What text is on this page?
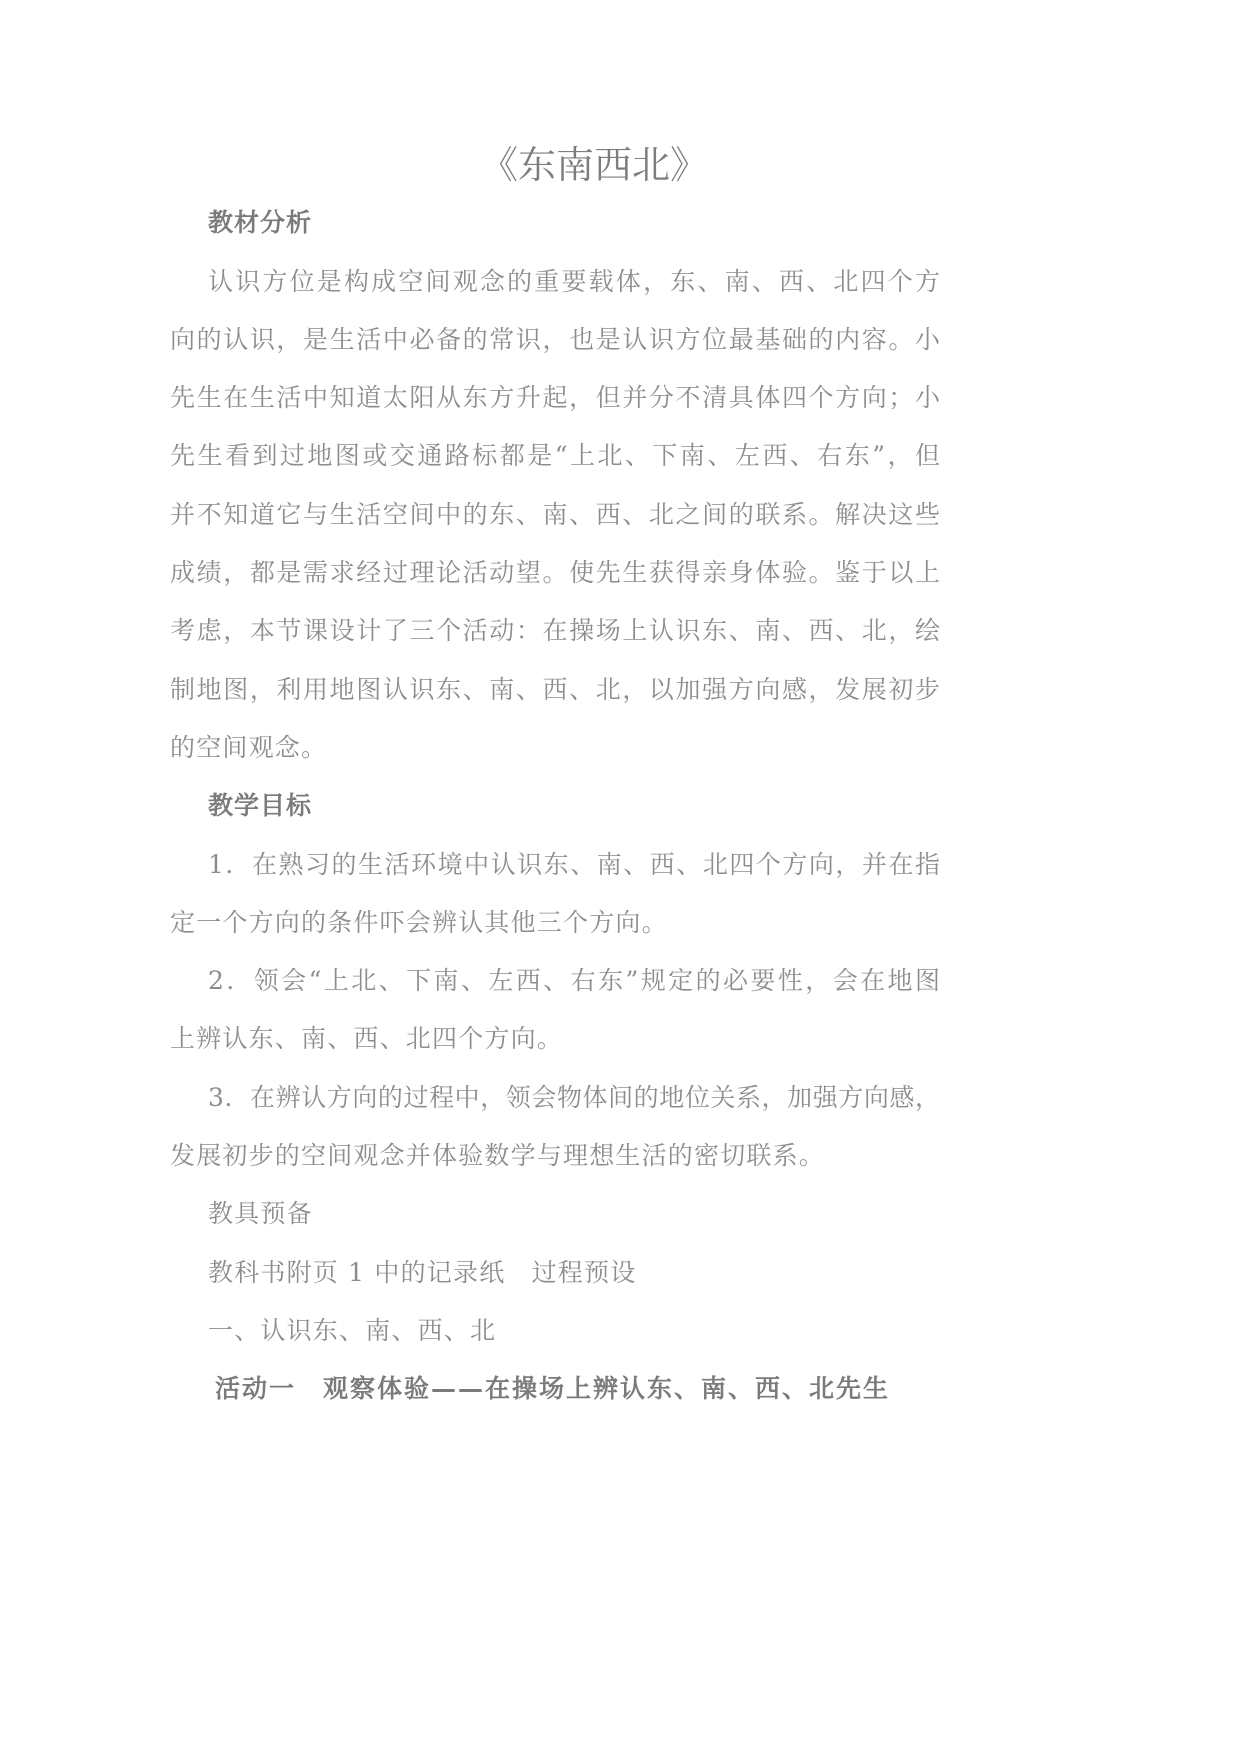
《东南西北》
教材分析
认识方位是构成空间观念的重要载体，东、南、西、北四个方
向的认识，是生活中必备的常识，也是认识方位最基础的内容。小
先生在生活中知道太阳从东方升起，但并分不清具体四个方向；小
先生看到过地图或交通路标都是“上北、下南、左西、右东”，但
并不知道它与生活空间中的东、南、西、北之间的联系。解决这些
成绩，都是需求经过理论活动望。使先生获得亲身体验。鉴于以上
考虑，本节课设计了三个活动：在操场上认识东、南、西、北，绘
制地图，利用地图认识东、南、西、北，以加强方向感，发展初步
的空间观念。
教学目标
1．在熟习的生活环境中认识东、南、西、北四个方向，并在指
定一个方向的条件吓会辨认其他三个方向。
2．领会“上北、下南、左西、右东”规定的必要性，会在地图
上辨认东、南、西、北四个方向。
3．在辨认方向的过程中，领会物体间的地位关系，加强方向感，
发展初步的空间观念并体验数学与理想生活的密切联系。
教具预备
教科书附页 1 中的记录纸　过程预设
一、认识东、南、西、北
活动一　观察体验——在操场上辨认东、南、西、北先生
